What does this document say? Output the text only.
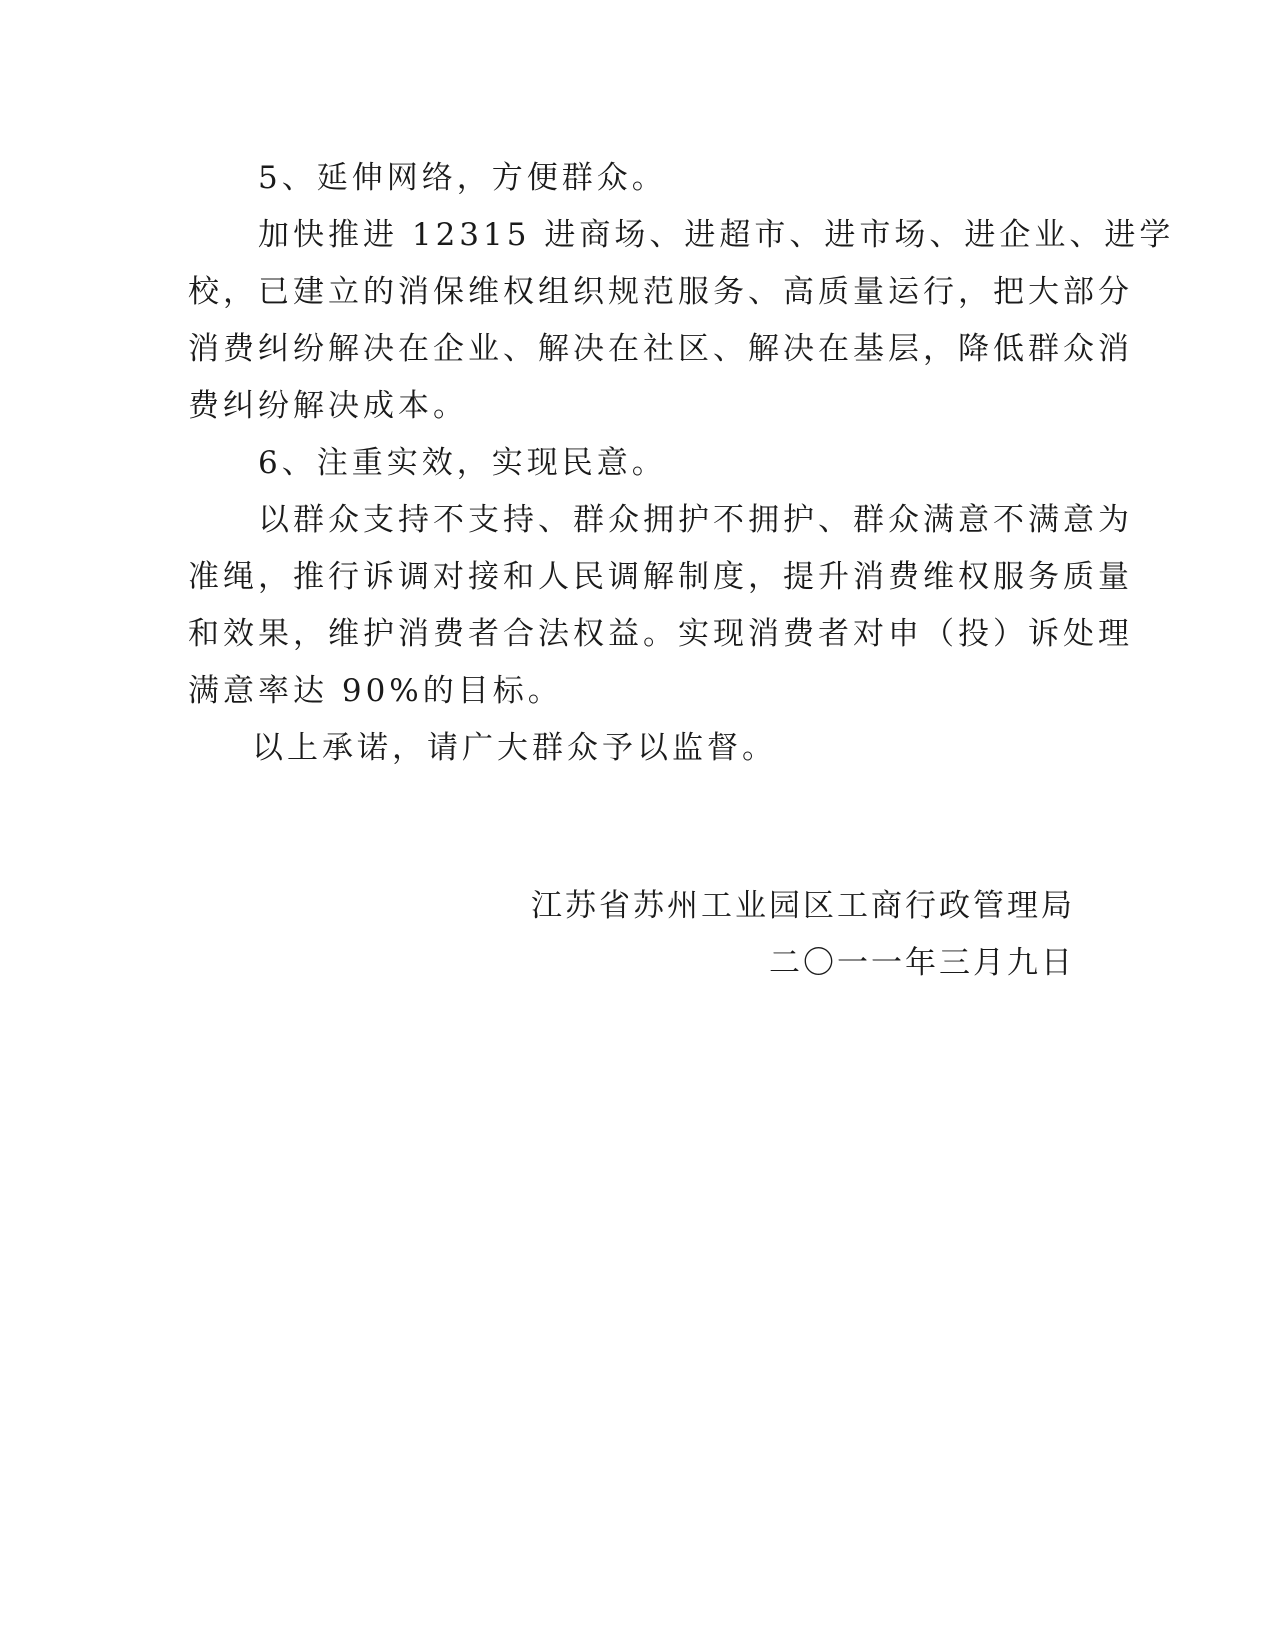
5、延伸网络，方便群众。

加快推进 12315 进商场、进超市、进市场、进企业、进学

校，已建立的消保维权组织规范服务、高质量运行，把大部分

消费纠纷解决在企业、解决在社区、解决在基层，降低群众消

费纠纷解决成本。

6、注重实效，实现民意。

以群众支持不支持、群众拥护不拥护、群众满意不满意为

准绳，推行诉调对接和人民调解制度，提升消费维权服务质量

和效果，维护消费者合法权益。实现消费者对申（投）诉处理

满意率达 90%的目标。

以上承诺，请广大群众予以监督。

江苏省苏州工业园区工商行政管理局
二〇一一年三月九日
